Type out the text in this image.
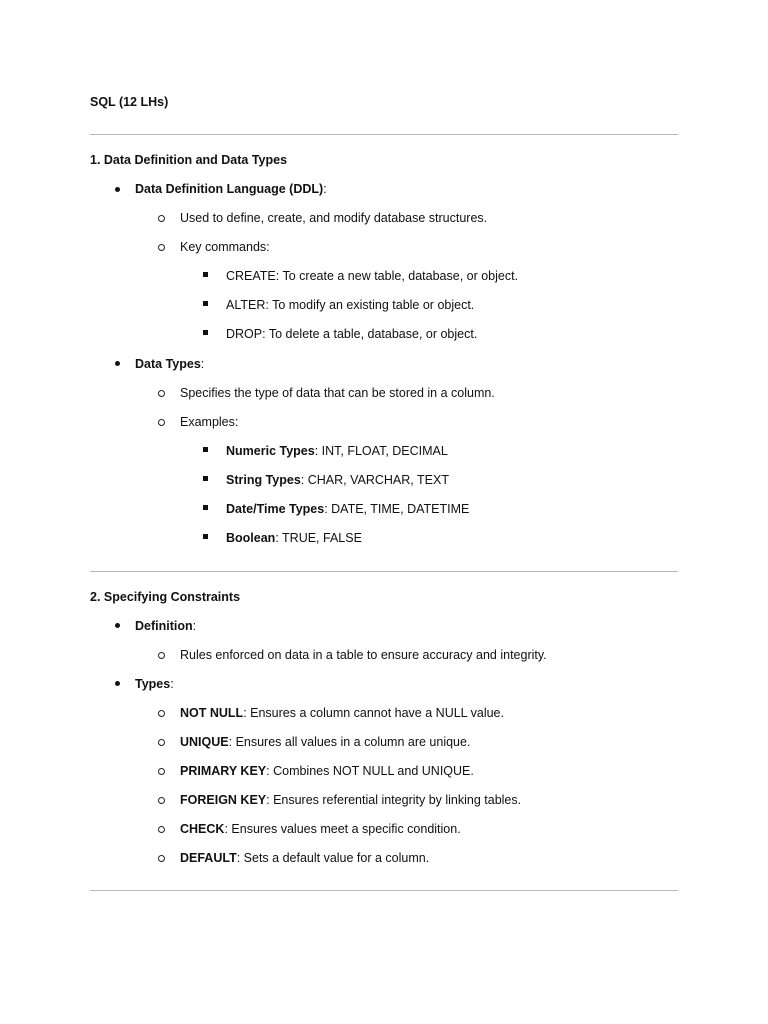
SQL (12 LHs)
1. Data Definition and Data Types
Data Definition Language (DDL):
Used to define, create, and modify database structures.
Key commands:
CREATE: To create a new table, database, or object.
ALTER: To modify an existing table or object.
DROP: To delete a table, database, or object.
Data Types:
Specifies the type of data that can be stored in a column.
Examples:
Numeric Types: INT, FLOAT, DECIMAL
String Types: CHAR, VARCHAR, TEXT
Date/Time Types: DATE, TIME, DATETIME
Boolean: TRUE, FALSE
2. Specifying Constraints
Definition:
Rules enforced on data in a table to ensure accuracy and integrity.
Types:
NOT NULL: Ensures a column cannot have a NULL value.
UNIQUE: Ensures all values in a column are unique.
PRIMARY KEY: Combines NOT NULL and UNIQUE.
FOREIGN KEY: Ensures referential integrity by linking tables.
CHECK: Ensures values meet a specific condition.
DEFAULT: Sets a default value for a column.
